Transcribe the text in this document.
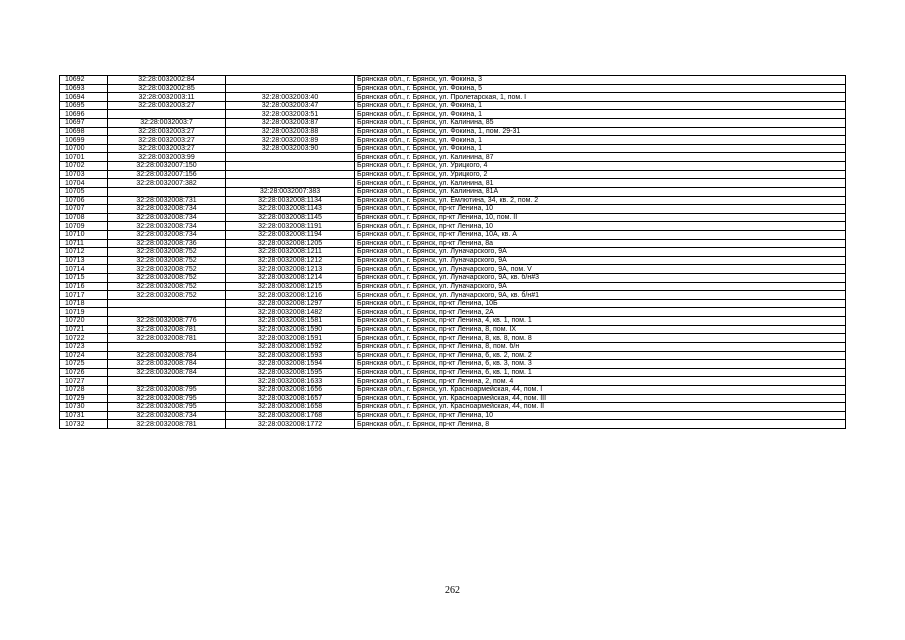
10692	32:28:0032002:84		Брянская обл., г. Брянск, ул. Фокина, 3
10693	32:28:0032002:85		Брянская обл., г. Брянск, ул. Фокина, 5
10694	32:28:0032003:11	32:28:0032003:40	Брянская обл., г. Брянск, ул. Пролетарская, 1, пом. I
10695	32:28:0032003:27	32:28:0032003:47	Брянская обл., г. Брянск, ул. Фокина, 1
10696		32:28:0032003:51	Брянская обл., г. Брянск, ул. Фокина, 1
10697	32:28:0032003:7	32:28:0032003:87	Брянская обл., г. Брянск, ул. Калинина, 85
10698	32:28:0032003:27	32:28:0032003:88	Брянская обл., г. Брянск, ул. Фокина, 1, пом. 29-31
10699	32:28:0032003:27	32:28:0032003:89	Брянская обл., г. Брянск, ул. Фокина, 1
10700	32:28:0032003:27	32:28:0032003:90	Брянская обл., г. Брянск, ул. Фокина, 1
10701	32:28:0032003:99		Брянская обл., г. Брянск, ул. Калинина, 87
10702	32:28:0032007:150		Брянская обл., г. Брянск, ул. Урицкого, 4
10703	32:28:0032007:156		Брянская обл., г. Брянск, ул. Урицкого, 2
10704	32:28:0032007:382		Брянская обл., г. Брянск, ул. Калинина, 81
10705		32:28:0032007:383	Брянская обл., г. Брянск, ул. Калинина, 81А
10706	32:28:0032008:731	32:28:0032008:1134	Брянская обл., г. Брянск, ул. Емлютина, 34, кв. 2, пом. 2
10707	32:28:0032008:734	32:28:0032008:1143	Брянская обл., г. Брянск, пр-кт Ленина, 10
10708	32:28:0032008:734	32:28:0032008:1145	Брянская обл., г. Брянск, пр-кт Ленина, 10, пом. II
10709	32:28:0032008:734	32:28:0032008:1191	Брянская обл., г. Брянск, пр-кт Ленина, 10
10710	32:28:0032008:734	32:28:0032008:1194	Брянская обл., г. Брянск, пр-кт Ленина, 10А, кв. А
10711	32:28:0032008:736	32:28:0032008:1205	Брянская обл., г. Брянск, пр-кт Ленина, 8а
10712	32:28:0032008:752	32:28:0032008:1211	Брянская обл., г. Брянск, ул. Луначарского, 9А
10713	32:28:0032008:752	32:28:0032008:1212	Брянская обл., г. Брянск, ул. Луначарского, 9А
10714	32:28:0032008:752	32:28:0032008:1213	Брянская обл., г. Брянск, ул. Луначарского, 9А, пом. V
10715	32:28:0032008:752	32:28:0032008:1214	Брянская обл., г. Брянск, ул. Луначарского, 9А, кв. б/н#3
10716	32:28:0032008:752	32:28:0032008:1215	Брянская обл., г. Брянск, ул. Луначарского, 9А
10717	32:28:0032008:752	32:28:0032008:1216	Брянская обл., г. Брянск, ул. Луначарского, 9А, кв. б/н#1
10718		32:28:0032008:1297	Брянская обл., г. Брянск, пр-кт Ленина, 10Б
10719		32:28:0032008:1482	Брянская обл., г. Брянск, пр-кт Ленина, 2А
10720	32:28:0032008:776	32:28:0032008:1581	Брянская обл., г. Брянск, пр-кт Ленина, 4, кв. 1, пом. 1
10721	32:28:0032008:781	32:28:0032008:1590	Брянская обл., г. Брянск, пр-кт Ленина, 8, пом. IX
10722	32:28:0032008:781	32:28:0032008:1591	Брянская обл., г. Брянск, пр-кт Ленина, 8, кв. 8, пом. 8
10723		32:28:0032008:1592	Брянская обл., г. Брянск, пр-кт Ленина, 8, пом. б/н
10724	32:28:0032008:784	32:28:0032008:1593	Брянская обл., г. Брянск, пр-кт Ленина, 6, кв. 2, пом. 2
10725	32:28:0032008:784	32:28:0032008:1594	Брянская обл., г. Брянск, пр-кт Ленина, 6, кв. 3, пом. 3
10726	32:28:0032008:784	32:28:0032008:1595	Брянская обл., г. Брянск, пр-кт Ленина, 6, кв. 1, пом. 1
10727		32:28:0032008:1633	Брянская обл., г. Брянск, пр-кт Ленина, 2, пом. 4
10728	32:28:0032008:795	32:28:0032008:1656	Брянская обл., г. Брянск, ул. Красноармейская, 44, пом. I
10729	32:28:0032008:795	32:28:0032008:1657	Брянская обл., г. Брянск, ул. Красноармейская, 44, пом. III
10730	32:28:0032008:795	32:28:0032008:1658	Брянская обл., г. Брянск, ул. Красноармейская, 44, пом. II
10731	32:28:0032008:734	32:28:0032008:1768	Брянская обл., г. Брянск, пр-кт Ленина, 10
10732	32:28:0032008:781	32:28:0032008:1772	Брянская обл., г. Брянск, пр-кт Ленина, 8
262
